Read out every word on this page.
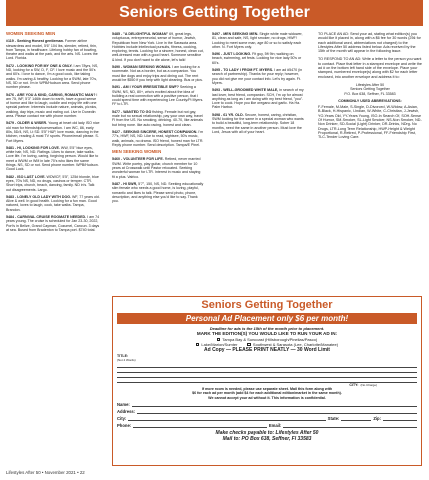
Seniors Getting Together
WOMEN SEEKING MEN
#119 - Seeking Honest gentleman. Former airline stewardess and model, 5'6" 104 lbs, slender, retired, thin, from Tampa, in healthcare. Lifelong hobby fan of bowling, theatre and walks at the park, and the arts. NS. Loves the Lord. Florida.
5472 - LOOKING FOR MY ONE & ONLY. I am 78yrs, NS, ND, looking for a SW, D, F, CF. I love music and the 50's and 60's. I love to dance, I'm a good cook, like taking walks. I'm caring & healthy. Looking for a SWM, late 70's, NS, 5D or not. I'm in WPB/Hudson area. Send phone number please.
5476 - ARE YOU A KIND, CARING, ROMANTIC MAN? I am 75, WF, 5'3" 146lb down to earth, have a good sense of humor and like to laugh, cuddle and enjoy life with one special partner. Interests include nature, animals, picnics, walking, day trips, music and eating out. Live in Dunedin area. Please contact me with phone number.
5479 - OLDER & WISER. Young at heart old lady ISO nice old man for friendship/conversation. I am WC, 86, early 80s, 5D/4, NS, Lt SD. 5'5" H&P, love music, dancing in the kitchen, reading & most TV sports. Phone/email please. S. Fort Myers.
5481 - HI, LOOKING FOR LOVE. WW, 5'5" blue eyes, white hair, NS, ND. Ratings. Likes to dance, take walks. Love life. I'm loving, caring, forgiving person. Would like to meet a WWM or WM in late 70's who likes the same things. NS, SD or not. Send phone number. WPB/Hudson. Good Luck.
5482 - ISO LAST LOVE. WDWCF, 5'5", 125# blonde, blue eyes, 70's NS, ND, no drugs, casinos or temper. CTR. Short trips, church, beach, dancing, family. ND in's. Talk out disagreements. Largo.
5483 - LONELY OLD LADY WITH DOG. WF, 77 years old. Alive & well. In good health. Looking for a fun man. Good natured, loves to laugh, cook, take walks. Tampa, Brandon.
5484 - CARNIVAL CRUISE ROOMATE NEEDED. I am 74 years young. The cruise is scheduled for Jan 23-30, 2022, Port's in Belize, Grand Cayman, Cozumel, Cancun. 3 days at sea. Bused from Bradenton to Tampa port. $740 total.
5485 - "A DELIGHTFUL WOMAN" 69, great legs, voluptuous, entrepreneurial, sense of humor, Jewish, Republican from New York. Live in the Sarasota area. Hobbies include intellectual pursuits, fitness, cooking, exploring, tennis. Looking for a sincere, honest, clean cut, well-dressed man with a good heart. Someone sensitive & kind. If you don't want to die alone, let's talk!
5490 - WOMAN SEEKING WOMAN. I am looking for a roommate. Not as a border, but as a companion. You must like dogs and enjoy trips and dining out. The rent would be $550 if you help with light cleaning. Bus or pics.
5491 - AM I YOUR IRRESISTIBLE SWF? Seeking a SWM, NS, ND, 80+, who's excited about the idea of building a real connection with a positive person, that I could spend time with experiencing Lee County/Ft Myers. FF to LTR.
5477 - WANTED TO GO fishing. Female but not gay, male but no sexual relationship, pay your own way, travel FI from the US. No smoking, drinking. 40-70, like animals but bring none. like auto racing, honest and clean.
5427 - SEEKING SINCERE, HONEST COMPANION. I'm 77's, HWF, NS, ND. Like to read, sightsee, 50's music, walk, animals, no drama. ISO friend, honest man for LTR. Reply phone number. Send description. Tampa/E Pinel.
MEN SEEKING WOMEN
5460 - VOLUNTEER FOR LIFE. Retired, never married SWM. Write poetry, play guitar, church member for 10 years at Crosswalk until Pastor relocated. Seeking wonderful woman for LTR. Interest in music and staying fit a plus. Valrico.
5487 - HI SWR, 5'7", 150, NS, ND. Seeking educationally slim female who needs a good home, is loving, playful, romantic and likes to talk. Please send photo, phone, description, and anything else you'd like to say. Thank you.
5497 - MEN SEEKING MEN. Single white male widower, 81, clean and safe, NS, light smoker, no drugs, HWF! Looking to meet some man, age 80 or so to satisfy each other. N. Fort Myers only.
5496 - JUST LOOKING. Fit guy, 5ft 9in; walking on beach, swimming, art fests. Looking for nice lady 50's or 60's.
5495 - TO LADY I FROM FT. MYERS. I am ad #5470 (in search of partnership). Thanks for your reply; however, you did not give me your contact info. Let's try again. Ft. Myers.
5493 - WELL-GROOMED WHITE MALE, in search of my last lover, best friend, companion. SCH, I'm up for almost anything as long as I am doing with my best friend, "you". Love to cook. Hope you like oregano and garlic. Ha Ha. Palm Harbor.
5498 - 61 YR. OLD. Secure, honest, caring, christian, SWM looking for the same in a special woman who wants to build a beautiful, long-term relationship. Sober 18 months, need the same in another person. Must love the Lord, Jesus with all of your heart.
TO PLACE AN AD: Send your ad, stating what edition(s) you would like it placed in, along with a $6 fee for 30 words (25¢ for each additional word, abbreviations not charged) to the Lifestyles After 50 address listed below. Ads received by the 15th of the month will appear in the following issue.
TO RESPOND TO AN AD: Write a letter to the person you want to contact. Place that letter in a stamped envelope and write the ad # on the bottom left hand side of the envelope. Place your stamped, numbered envelope(s) along with $2 for each letter enclosed, into another envelope and address it to:
Lifestyles After 50
Seniors Getting Together
P.O. Box 638, Seffner, FL 33583
COMMONLY USED ABBREVIATIONS:
F-Female, M-Male, S-Single, D-Divorced, W-Widow, A-Asian, B-Black, H-Hispanic, I-Indian, W-White, C-Christian, J-Jewish, YO-Years Old, YY-Years Young, ISO-In Search Of, SOH-Sense Of Humor, SM-Smoker, SL-Light Smoker, NS-Non Smoker, ND-Non Drinker, SD-Social (Light) Drinker, DR-Drinks, NDrg- No Drugs, LTR-Long Term Relationship, HWP-Height & Weight Proportional, R-Retired, P-Professional, FF-Friendship First, TLC-Tender Loving Care.
Seniors Getting Together
Personal Ad Placement only $6 per month!
Deadline for ads is the 15th of the month prior to placement.
MARK THE EDITION(S) YOU WOULD LIKE TO RUN YOUR AD IN:
Tampa Bay & Suncoast (Hillsborough/Pinellas/Pasco)
Lake/Marion/Sumter	Southwest & Sarasota (Lee, Charlotte/Manatee)
Ad Copy — PLEASE PRINT NEATLY — 30 Word Limit
TITLE:
(Not 4 Words)
CITY: (No Charge)
If more room is needed, please use separate sheet. Mail this form along with
$6 for each ad per month (add $4 for each additional edition/market in the same month).
We cannot accept your ad without it. This information is confidential.
Name:
Address:
City:	State:	Zip:
Phone:	Email:
Make checks payable to: Lifestyles After 50
Mail to: PO Box 638, Seffner, Fl 33583
Lifestyles After 50 • November 2021 • 22
